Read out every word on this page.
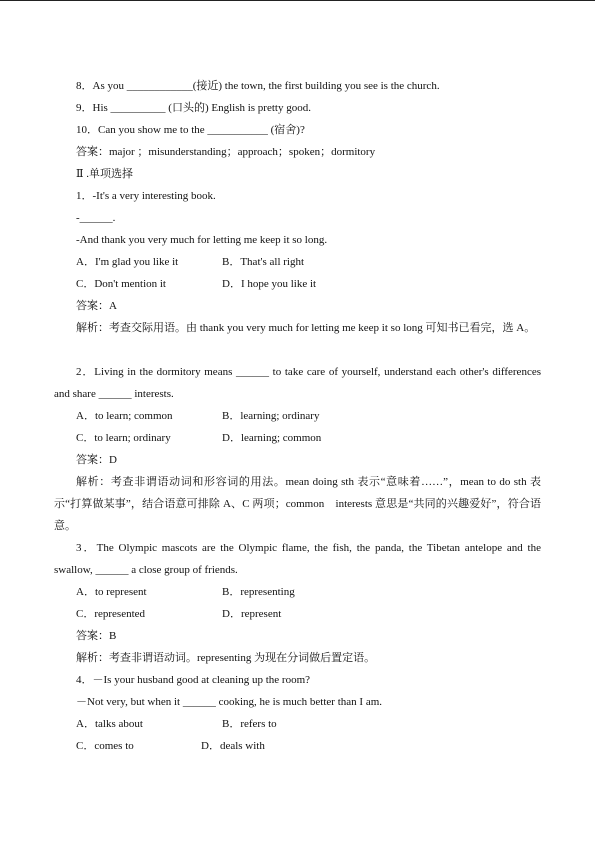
8．As you ____________(接近) the town, the first building you see is the church.
9．His __________ (口头的) English is pretty good.
10．Can you show me to the ___________ (宿舍)?
答案：major ；misunderstanding；approach；spoken；dormitory
Ⅱ .单项选择
1．-It's a very interesting book.
-______.
-And thank you very much for letting me keep it so long.
A．I'm glad you like it	B．That's all right
C．Don't mention it	D．I hope you like it
答案：A
解析：考查交际用语。由 thank you very much for letting me keep it so long 可知书已看完，选 A。
2．Living in the dormitory means ______ to take care of yourself, understand each other's differences and share ______ interests.
A．to learn; common	B．learning; ordinary
C．to learn; ordinary	D．learning; common
答案：D
解析：考查非谓语动词和形容词的用法。mean doing sth 表示“意味着……”，mean to do sth 表示“打算做某事”，结合语意可排除 A、C 两项；common　interests 意思是“共同的兴趣爱好”，符合语意。
3．The Olympic mascots are the Olympic flame, the fish, the panda, the Tibetan antelope and the swallow, ______ a close group of friends.
A．to represent	B．representing
C．represented	D．represent
答案：B
解析：考查非谓语动词。representing 为现在分词做后置定语。
4．－Is your husband good at cleaning up the room?
－Not very, but when it ______ cooking, he is much better than I am.
A．talks about	B．refers to
C．comes to	D．deals with
